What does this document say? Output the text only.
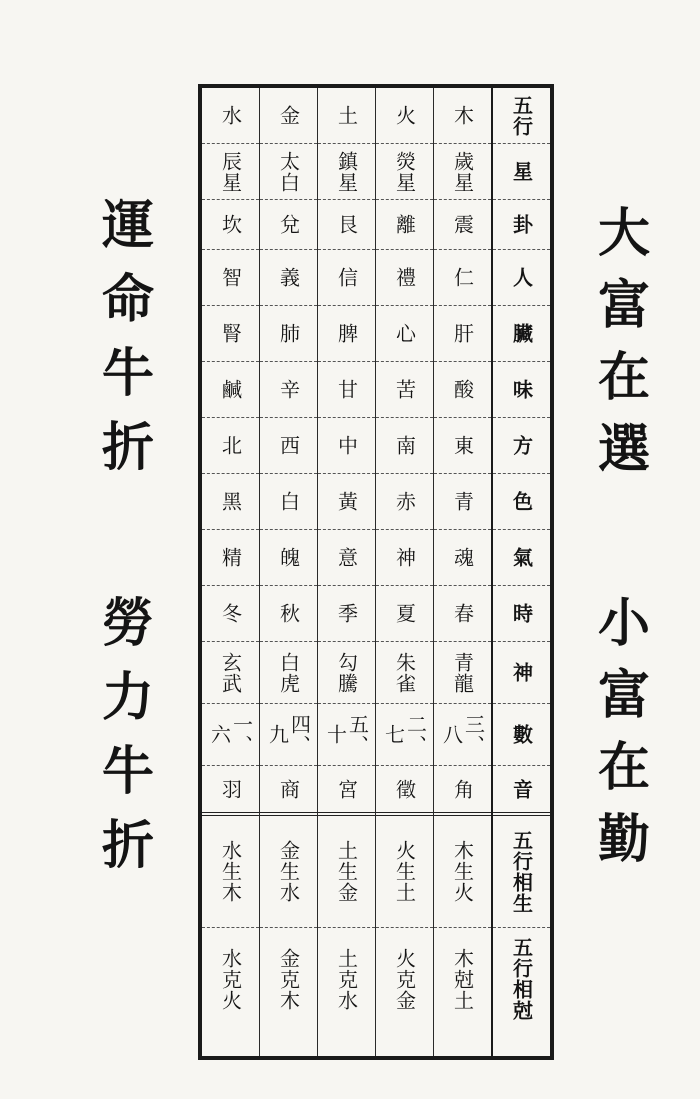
大
富
在
選
小
富
在
勤
運
命
牛
折
勞
力
牛
折
五行
星
卦
人
臟
味
方
色
氣
時
神
數
音
五行相生
五行相尅
木
歲星
震
仁
肝
酸
東
青
魂
春
青龍
三、八
角
木生火
木尅土
火
熒星
離
禮
心
苦
南
赤
神
夏
朱雀
二、七
徵
火生土
火克金
土
鎮星
艮
信
脾
甘
中
黃
意
季
勾騰
五、十
宮
土生金
土克水
金
太白
兌
義
肺
辛
西
白
魄
秋
白虎
四、九
商
金生水
金克木
水
辰星
坎
智
腎
鹹
北
黑
精
冬
玄武
一、六
羽
水生木
水克火
